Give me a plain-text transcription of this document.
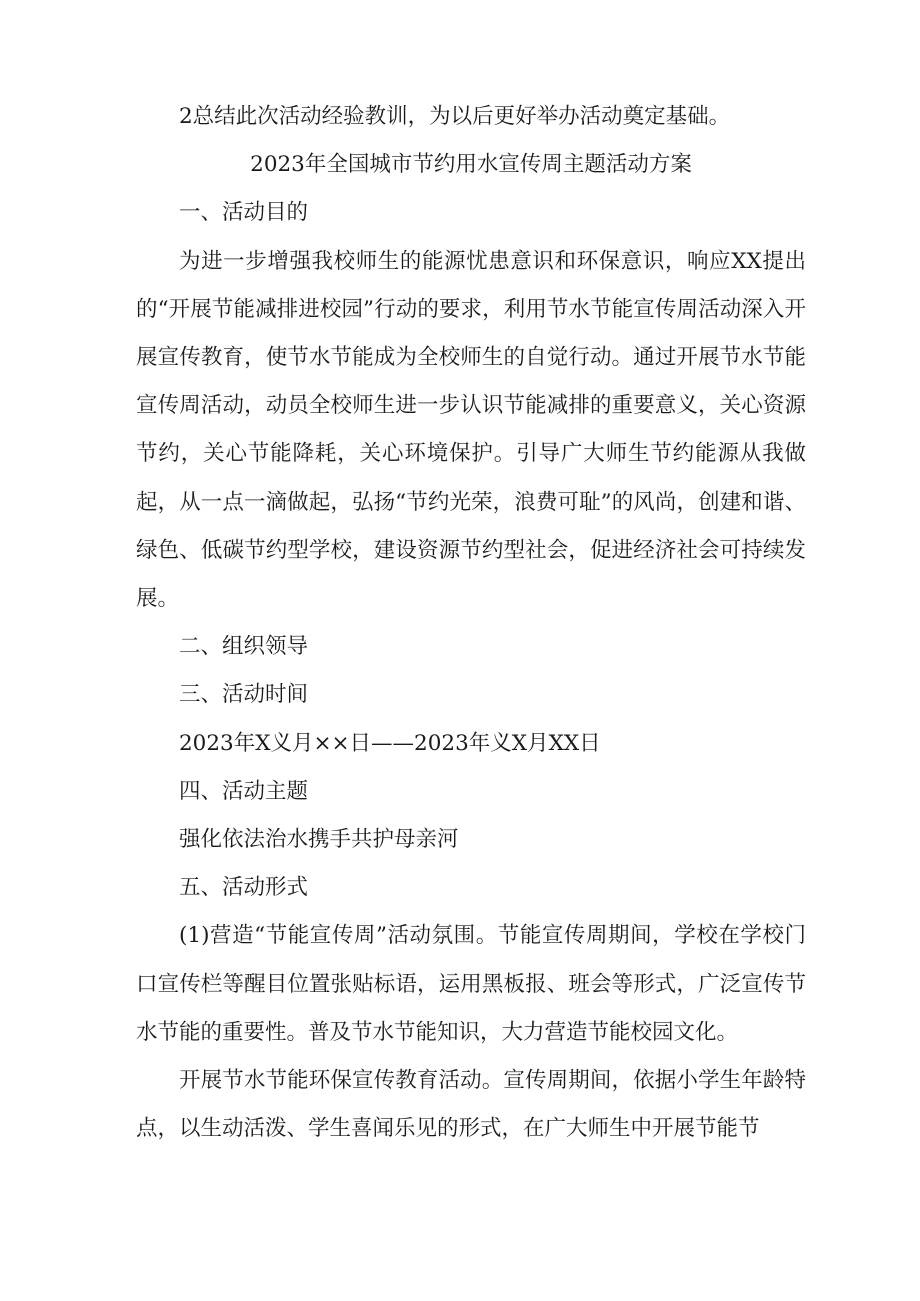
2总结此次活动经验教训，为以后更好举办活动奠定基础。

2023年全国城市节约用水宣传周主题活动方案

一、活动目的

为进一步增强我校师生的能源忧患意识和环保意识，响应XX提出的“开展节能减排进校园”行动的要求，利用节水节能宣传周活动深入开展宣传教育，使节水节能成为全校师生的自觉行动。通过开展节水节能宣传周活动，动员全校师生进一步认识节能减排的重要意义，关心资源节约，关心节能降耗，关心环境保护。引导广大师生节约能源从我做起，从一点一滴做起，弘扬“节约光荣，浪费可耻”的风尚，创建和谐、绿色、低碳节约型学校，建设资源节约型社会，促进经济社会可持续发展。

二、组织领导

三、活动时间

2023年X义月××日——2023年义X月XX日

四、活动主题

强化依法治水携手共护母亲河

五、活动形式

(1)营造“节能宣传周”活动氛围。节能宣传周期间，学校在学校门口宣传栏等醒目位置张贴标语，运用黑板报、班会等形式，广泛宣传节水节能的重要性。普及节水节能知识，大力营造节能校园文化。

开展节水节能环保宣传教育活动。宣传周期间，依据小学生年龄特点，以生动活泼、学生喜闻乐见的形式，在广大师生中开展节能节
